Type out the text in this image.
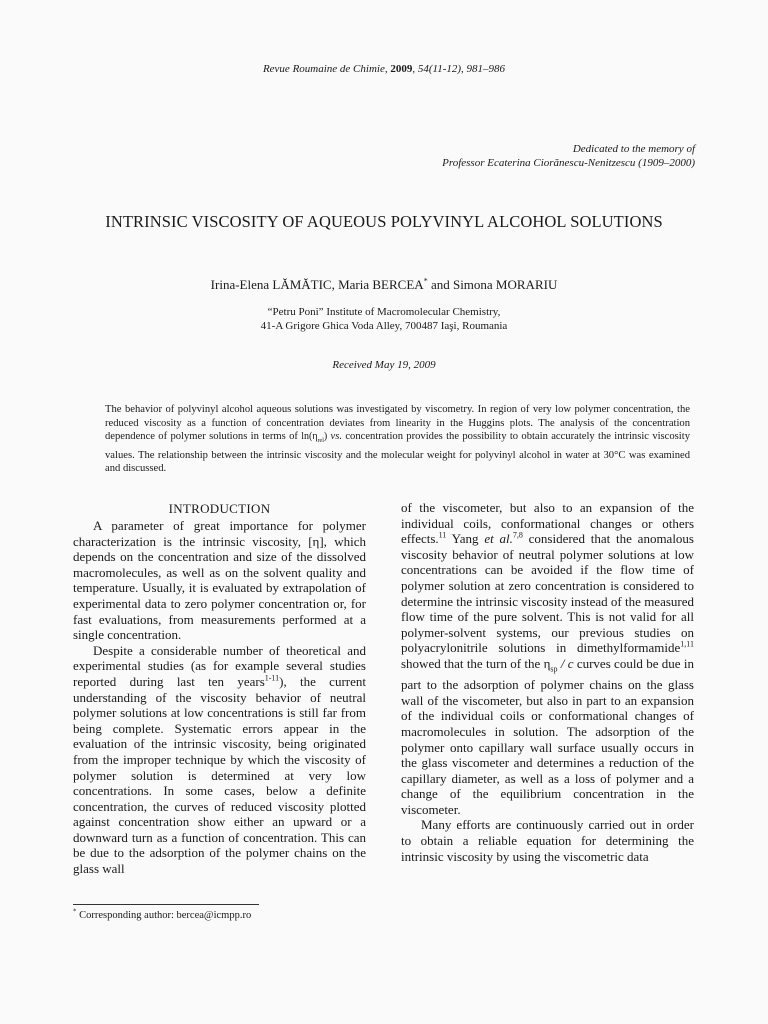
Revue Roumaine de Chimie, 2009, 54(11-12), 981–986
Dedicated to the memory of
Professor Ecaterina Ciorănescu-Nenitzescu (1909–2000)
INTRINSIC VISCOSITY OF AQUEOUS POLYVINYL ALCOHOL SOLUTIONS
Irina-Elena LĂMĂTIC, Maria BERCEA* and Simona MORARIU
“Petru Poni” Institute of Macromolecular Chemistry,
41-A Grigore Ghica Voda Alley, 700487 Iaşi, Roumania
Received May 19, 2009
The behavior of polyvinyl alcohol aqueous solutions was investigated by viscometry. In region of very low polymer concentration, the reduced viscosity as a function of concentration deviates from linearity in the Huggins plots. The analysis of the concentration dependence of polymer solutions in terms of $\ln(\eta_{rel})$ vs. concentration provides the possibility to obtain accurately the intrinsic viscosity values. The relationship between the intrinsic viscosity and the molecular weight for polyvinyl alcohol in water at 30°C was examined and discussed.
INTRODUCTION

A parameter of great importance for polymer characterization is the intrinsic viscosity, [η], which depends on the concentration and size of the dissolved macromolecules, as well as on the solvent quality and temperature. Usually, it is evaluated by extrapolation of experimental data to zero polymer concentration or, for fast evaluations, from measurements performed at a single concentration.

Despite a considerable number of theoretical and experimental studies (as for example several studies reported during last ten years$^{1-11}$), the current understanding of the viscosity behavior of neutral polymer solutions at low concentrations is still far from being complete. Systematic errors appear in the evaluation of the intrinsic viscosity, being originated from the improper technique by which the viscosity of polymer solution is determined at very low concentrations. In some cases, below a definite concentration, the curves of reduced viscosity plotted against concentration show either an upward or a downward turn as a function of concentration. This can be due to the adsorption of the polymer chains on the glass wall

of the viscometer, but also to an expansion of the individual coils, conformational changes or others effects.$^{11}$ Yang et al.$^{7,8}$ considered that the anomalous viscosity behavior of neutral polymer solutions at low concentrations can be avoided if the flow time of polymer solution at zero concentration is considered to determine the intrinsic viscosity instead of the measured flow time of the pure solvent. This is not valid for all polymer-solvent systems, our previous studies on polyacrylonitrile solutions in dimethylformamide$^{1,11}$ showed that the turn of the $\eta_{sp}$ / c curves could be due in part to the adsorption of polymer chains on the glass wall of the viscometer, but also in part to an expansion of the individual coils or conformational changes of macromolecules in solution. The adsorption of the polymer onto capillary wall surface usually occurs in the glass viscometer and determines a reduction of the capillary diameter, as well as a loss of polymer and a change of the equilibrium concentration in the viscometer.

Many efforts are continuously carried out in order to obtain a reliable equation for determining the intrinsic viscosity by using the viscometric data

* Corresponding author: bercea@icmpp.ro
